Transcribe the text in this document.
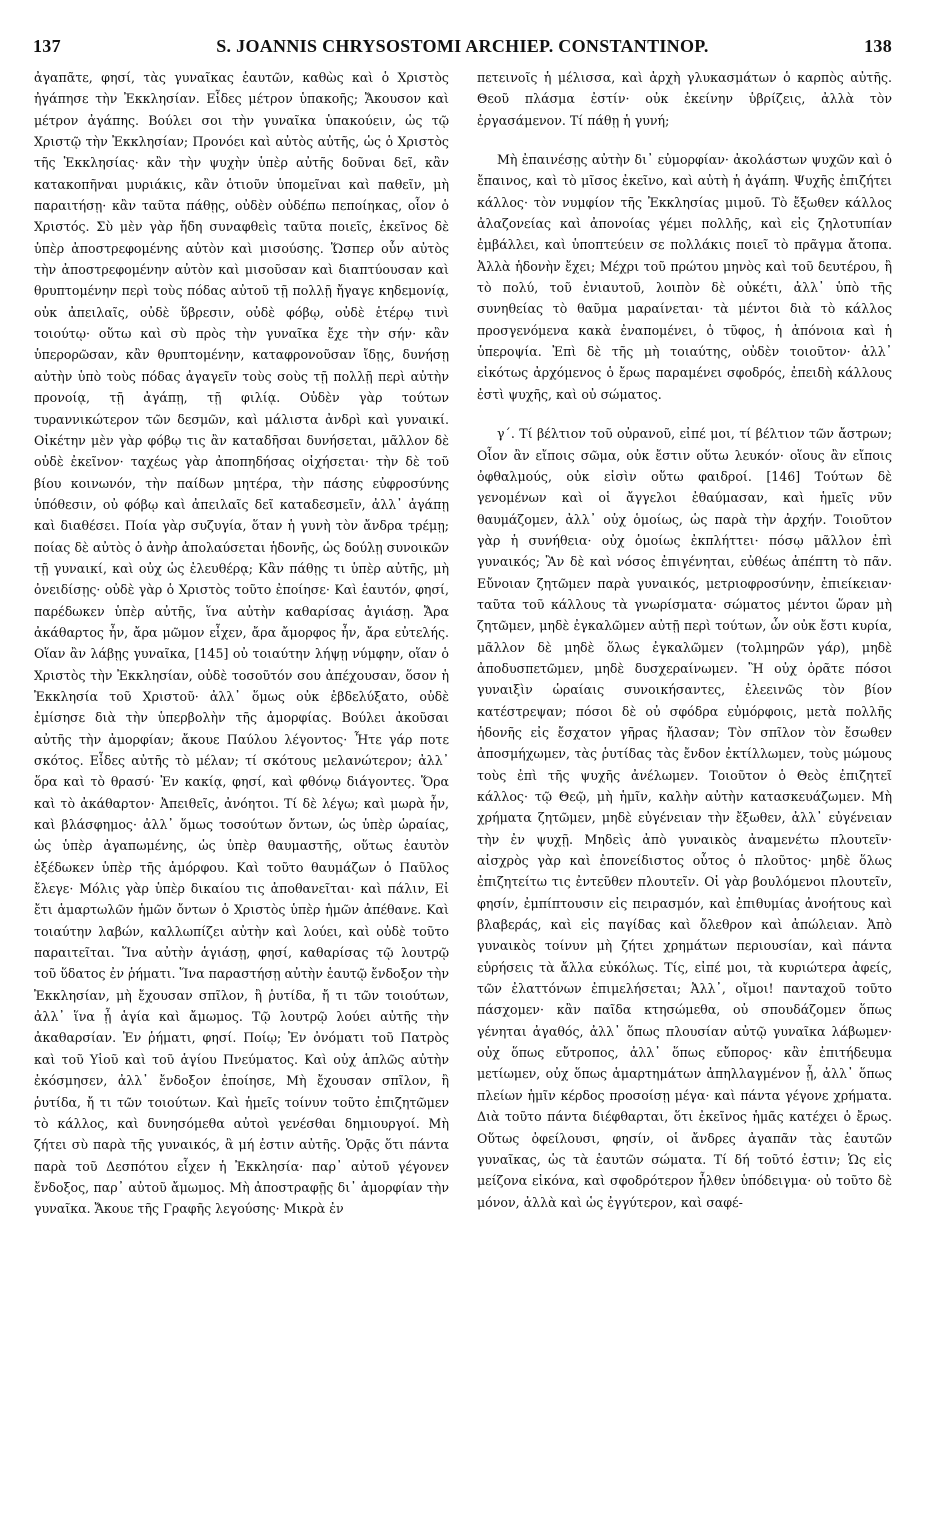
137	S. JOANNIS CHRYSOSTOMI ARCHIEP. CONSTANTINOP.	138

ἀγαπᾶτε, φησί, τὰς γυναῖκας ἑαυτῶν, καθὼς καὶ ὁ Χριστὸς ἠγάπησε τὴν Ἐκκλησίαν. Εἶδες μέτρον ὑπακοῆς; Ἄκουσον καὶ μέτρον ἀγάπης. Βούλει σοι τὴν γυναῖκα ὑπακούειν, ὡς τῷ Χριστῷ τὴν Ἐκκλησίαν; Προνόει καὶ αὐτὸς αὐτῆς, ὡς ὁ Χριστὸς τῆς Ἐκκλησίας· κἂν τὴν ψυχὴν ὑπὲρ αὐτῆς δοῦναι δεῖ, κἂν κατακοπῆναι μυριάκις, κἂν ὁτιοῦν ὑπομεῖναι καὶ παθεῖν, μὴ παραιτήσῃ· κἂν ταῦτα πάθῃς, οὐδὲν οὐδέπω πεποίηκας, οἷον ὁ Χριστός. Σὺ μὲν γὰρ ἤδη συναφθεὶς ταῦτα ποιεῖς, ἐκεῖνος δὲ ὑπὲρ ἀποστρεφομένης αὐτὸν καὶ μισούσης. Ὥσπερ οὖν αὐτὸς τὴν ἀποστρεφομένην αὐτὸν καὶ μισοῦσαν καὶ διαπτύουσαν καὶ θρυπτομένην περὶ τοὺς πόδας αὐτοῦ τῇ πολλῇ ἤγαγε κηδεμονίᾳ, οὐκ ἀπειλαῖς, οὐδὲ ὕβρεσιν, οὐδὲ φόβῳ, οὐδὲ ἑτέρῳ τινὶ τοιούτῳ· οὕτω καὶ σὺ πρὸς τὴν γυναῖκα ἔχε τὴν σήν· κἂν ὑπερορῶσαν, κἂν θρυπτομένην, καταφρονοῦσαν ἴδῃς, δυνήσῃ αὐτὴν ὑπὸ τοὺς πόδας ἀγαγεῖν τοὺς σοὺς τῇ πολλῇ περὶ αὐτὴν προνοίᾳ, τῇ ἀγάπῃ, τῇ φιλίᾳ. Οὐδὲν γὰρ τούτων τυραννικώτερον τῶν δεσμῶν, καὶ μάλιστα ἀνδρὶ καὶ γυναικί. Οἰκέτην μὲν γὰρ φόβῳ τις ἂν καταδῆσαι δυνήσεται, μᾶλλον δὲ οὐδὲ ἐκεῖνον· ταχέως γὰρ ἀποπηδήσας οἰχήσεται· τὴν δὲ τοῦ βίου κοινωνόν, τὴν παίδων μητέρα, τὴν πάσης εὐφροσύνης ὑπόθεσιν, οὐ φόβῳ καὶ ἀπειλαῖς δεῖ καταδεσμεῖν, ἀλλ᾽ ἀγάπῃ καὶ διαθέσει. Ποία γὰρ συζυγία, ὅταν ἡ γυνὴ τὸν ἄνδρα τρέμῃ; ποίας δὲ αὐτὸς ὁ ἀνὴρ ἀπολαύσεται ἡδονῆς, ὡς δούλῃ συνοικῶν τῇ γυναικί, καὶ οὐχ ὡς ἐλευθέρᾳ; Κἂν πάθῃς τι ὑπὲρ αὐτῆς, μὴ ὀνειδίσῃς· οὐδὲ γὰρ ὁ Χριστὸς τοῦτο ἐποίησε· Καὶ ἑαυτόν, φησί, παρέδωκεν ὑπὲρ αὐτῆς, ἵνα αὐτὴν καθαρίσας ἁγιάσῃ. Ἄρα ἀκάθαρτος ἦν, ἄρα μῶμον εἶχεν, ἄρα ἄμορφος ἦν, ἄρα εὐτελής. Οἵαν ἂν λάβῃς γυναῖκα, [145] οὐ τοιαύτην λήψῃ νύμφην, οἵαν ὁ Χριστὸς τὴν Ἐκκλησίαν, οὐδὲ τοσοῦτόν σου ἀπέχουσαν, ὅσον ἡ Ἐκκλησία τοῦ Χριστοῦ· ἀλλ᾽ ὅμως οὐκ ἐβδελύξατο, οὐδὲ ἐμίσησε διὰ τὴν ὑπερβολὴν τῆς ἀμορφίας. Βούλει ἀκοῦσαι αὐτῆς τὴν ἀμορφίαν; ἄκουε Παύλου λέγοντος· Ἦτε γάρ ποτε σκότος. Εἶδες αὐτῆς τὸ μέλαν; τί σκότους μελανώτερον; ἀλλ᾽ ὅρα καὶ τὸ θρασύ· Ἐν κακίᾳ, φησί, καὶ φθόνῳ διάγοντες. Ὅρα καὶ τὸ ἀκάθαρτον· Ἀπειθεῖς, ἀνόητοι. Τί δὲ λέγω; καὶ μωρὰ ἦν, καὶ βλάσφημος· ἀλλ᾽ ὅμως τοσούτων ὄντων, ὡς ὑπὲρ ὡραίας, ὡς ὑπὲρ ἀγαπωμένης, ὡς ὑπὲρ θαυμαστῆς, οὕτως ἑαυτὸν ἐξέδωκεν ὑπὲρ τῆς ἀμόρφου. Καὶ τοῦτο θαυμάζων ὁ Παῦλος ἔλεγε· Μόλις γὰρ ὑπὲρ δικαίου τις ἀποθανεῖται· καὶ πάλιν, Εἰ ἔτι ἁμαρτωλῶν ἡμῶν ὄντων ὁ Χριστὸς ὑπὲρ ἡμῶν ἀπέθανε. Καὶ τοιαύτην λαβών, καλλωπίζει αὐτὴν καὶ λούει, καὶ οὐδὲ τοῦτο παραιτεῖται. Ἵνα αὐτὴν ἁγιάσῃ, φησί, καθαρίσας τῷ λουτρῷ τοῦ ὕδατος ἐν ῥήματι. Ἵνα παραστήσῃ αὐτὴν ἑαυτῷ ἔνδοξον τὴν Ἐκκλησίαν, μὴ ἔχουσαν σπῖλον, ἢ ῥυτίδα, ἤ τι τῶν τοιούτων, ἀλλ᾽ ἵνα ᾖ ἁγία καὶ ἄμωμος. Τῷ λουτρῷ λούει αὐτῆς τὴν ἀκαθαρσίαν. Ἐν ῥήματι, φησί. Ποίῳ; Ἐν ὀνόματι τοῦ Πατρὸς καὶ τοῦ Υἱοῦ καὶ τοῦ ἁγίου Πνεύματος. Καὶ οὐχ ἁπλῶς αὐτὴν ἐκόσμησεν, ἀλλ᾽ ἔνδοξον ἐποίησε, Μὴ ἔχουσαν σπῖλον, ἢ ῥυτίδα, ἤ τι τῶν τοιούτων. Καὶ ἡμεῖς τοίνυν τοῦτο ἐπιζητῶμεν τὸ κάλλος, καὶ δυνησόμεθα αὐτοὶ γενέσθαι δημιουργοί. Μὴ ζήτει σὺ παρὰ τῆς γυναικός, ἃ μή ἐστιν αὐτῆς. Ὁρᾷς ὅτι πάντα παρὰ τοῦ Δεσπότου εἶχεν ἡ Ἐκκλησία· παρ᾽ αὐτοῦ γέγονεν ἔνδοξος, παρ᾽ αὐτοῦ ἄμωμος. Μὴ ἀποστραφῇς δι᾽ ἀμορφίαν τὴν γυναῖκα. Ἄκουε τῆς Γραφῆς λεγούσης· Μικρὰ ἐν

πετεινοῖς ἡ μέλισσα, καὶ ἀρχὴ γλυκασμάτων ὁ καρπὸς αὐτῆς. Θεοῦ πλάσμα ἐστίν· οὐκ ἐκείνην ὑβρίζεις, ἀλλὰ τὸν ἐργασάμενον. Τί πάθῃ ἡ γυνή;

Μὴ ἐπαινέσῃς αὐτὴν δι᾽ εὐμορφίαν· ἀκολάστων ψυχῶν καὶ ὁ ἔπαινος, καὶ τὸ μῖσος ἐκεῖνο, καὶ αὐτὴ ἡ ἀγάπη. Ψυχῆς ἐπιζήτει κάλλος· τὸν νυμφίον τῆς Ἐκκλησίας μιμοῦ. Τὸ ἔξωθεν κάλλος ἀλαζονείας καὶ ἀπονοίας γέμει πολλῆς, καὶ εἰς ζηλοτυπίαν ἐμβάλλει, καὶ ὑποπτεύειν σε πολλάκις ποιεῖ τὸ πρᾶγμα ἄτοπα. Ἀλλὰ ἡδονὴν ἔχει; Μέχρι τοῦ πρώτου μηνὸς καὶ τοῦ δευτέρου, ἢ τὸ πολύ, τοῦ ἐνιαυτοῦ, λοιπὸν δὲ οὐκέτι, ἀλλ᾽ ὑπὸ τῆς συνηθείας τὸ θαῦμα μαραίνεται· τὰ μέντοι διὰ τὸ κάλλος προσγενόμενα κακὰ ἐναπομένει, ὁ τῦφος, ἡ ἀπόνοια καὶ ἡ ὑπεροψία. Ἐπὶ δὲ τῆς μὴ τοιαύτης, οὐδὲν τοιοῦτον· ἀλλ᾽ εἰκότως ἀρχόμενος ὁ ἔρως παραμένει σφοδρός, ἐπειδὴ κάλλους ἐστὶ ψυχῆς, καὶ οὐ σώματος.

γ΄. Τί βέλτιον τοῦ οὐρανοῦ, εἰπέ μοι, τί βέλτιον τῶν ἄστρων; Οἷον ἂν εἴποις σῶμα, οὐκ ἔστιν οὕτω λευκόν· οἵους ἂν εἴποις ὀφθαλμούς, οὐκ εἰσὶν οὕτω φαιδροί. [146] Τούτων δὲ γενομένων καὶ οἱ ἄγγελοι ἐθαύμασαν, καὶ ἡμεῖς νῦν θαυμάζομεν, ἀλλ᾽ οὐχ ὁμοίως, ὡς παρὰ τὴν ἀρχήν. Τοιοῦτον γὰρ ἡ συνήθεια· οὐχ ὁμοίως ἐκπλήττει· πόσῳ μᾶλλον ἐπὶ γυναικός; Ἂν δὲ καὶ νόσος ἐπιγένηται, εὐθέως ἀπέπτη τὸ πᾶν. Εὔνοιαν ζητῶμεν παρὰ γυναικός, μετριοφροσύνην, ἐπιείκειαν· ταῦτα τοῦ κάλλους τὰ γνωρίσματα· σώματος μέντοι ὥραν μὴ ζητῶμεν, μηδὲ ἐγκαλῶμεν αὐτῇ περὶ τούτων, ὧν οὐκ ἔστι κυρία, μᾶλλον δὲ μηδὲ ὅλως ἐγκαλῶμεν (τολμηρῶν γάρ), μηδὲ ἀποδυσπετῶμεν, μηδὲ δυσχεραίνωμεν. Ἢ οὐχ ὁρᾶτε πόσοι γυναιξὶν ὡραίαις συνοικήσαντες, ἐλεεινῶς τὸν βίον κατέστρεψαν; πόσοι δὲ οὐ σφόδρα εὐμόρφοις, μετὰ πολλῆς ἡδονῆς εἰς ἔσχατον γῆρας ἤλασαν; Τὸν σπῖλον τὸν ἔσωθεν ἀποσμήχωμεν, τὰς ῥυτίδας τὰς ἔνδον ἐκτίλλωμεν, τοὺς μώμους τοὺς ἐπὶ τῆς ψυχῆς ἀνέλωμεν. Τοιοῦτον ὁ Θεὸς ἐπιζητεῖ κάλλος· τῷ Θεῷ, μὴ ἡμῖν, καλὴν αὐτὴν κατασκευάζωμεν. Μὴ χρήματα ζητῶμεν, μηδὲ εὐγένειαν τὴν ἔξωθεν, ἀλλ᾽ εὐγένειαν τὴν ἐν ψυχῇ. Μηδεὶς ἀπὸ γυναικὸς ἀναμενέτω πλουτεῖν· αἰσχρὸς γὰρ καὶ ἐπονείδιστος οὗτος ὁ πλοῦτος· μηδὲ ὅλως ἐπιζητείτω τις ἐντεῦθεν πλουτεῖν. Οἱ γὰρ βουλόμενοι πλουτεῖν, φησίν, ἐμπίπτουσιν εἰς πειρασμόν, καὶ ἐπιθυμίας ἀνοήτους καὶ βλαβεράς, καὶ εἰς παγίδας καὶ ὄλεθρον καὶ ἀπώλειαν. Ἀπὸ γυναικὸς τοίνυν μὴ ζήτει χρημάτων περιουσίαν, καὶ πάντα εὑρήσεις τὰ ἄλλα εὐκόλως. Τίς, εἰπέ μοι, τὰ κυριώτερα ἀφείς, τῶν ἐλαττόνων ἐπιμελήσεται; Ἀλλ᾽, οἴμοι! πανταχοῦ τοῦτο πάσχομεν· κἂν παῖδα κτησώμεθα, οὐ σπουδάζομεν ὅπως γένηται ἀγαθός, ἀλλ᾽ ὅπως πλουσίαν αὐτῷ γυναῖκα λάβωμεν· οὐχ ὅπως εὔτροπος, ἀλλ᾽ ὅπως εὔπορος· κἂν ἐπιτήδευμα μετίωμεν, οὐχ ὅπως ἁμαρτημάτων ἀπηλλαγμένον ᾖ, ἀλλ᾽ ὅπως πλείων ἡμῖν κέρδος προσοίσῃ μέγα· καὶ πάντα γέγονε χρήματα. Διὰ τοῦτο πάντα διέφθαρται, ὅτι ἐκεῖνος ἡμᾶς κατέχει ὁ ἔρως. Οὕτως ὀφείλουσι, φησίν, οἱ ἄνδρες ἀγαπᾶν τὰς ἑαυτῶν γυναῖκας, ὡς τὰ ἑαυτῶν σώματα. Τί δή τοῦτό ἐστιν; Ὡς εἰς μείζονα εἰκόνα, καὶ σφοδρότερον ἦλθεν ὑπόδειγμα· οὐ τοῦτο δὲ μόνον, ἀλλὰ καὶ ὡς ἐγγύτερον, καὶ σαφέ-
